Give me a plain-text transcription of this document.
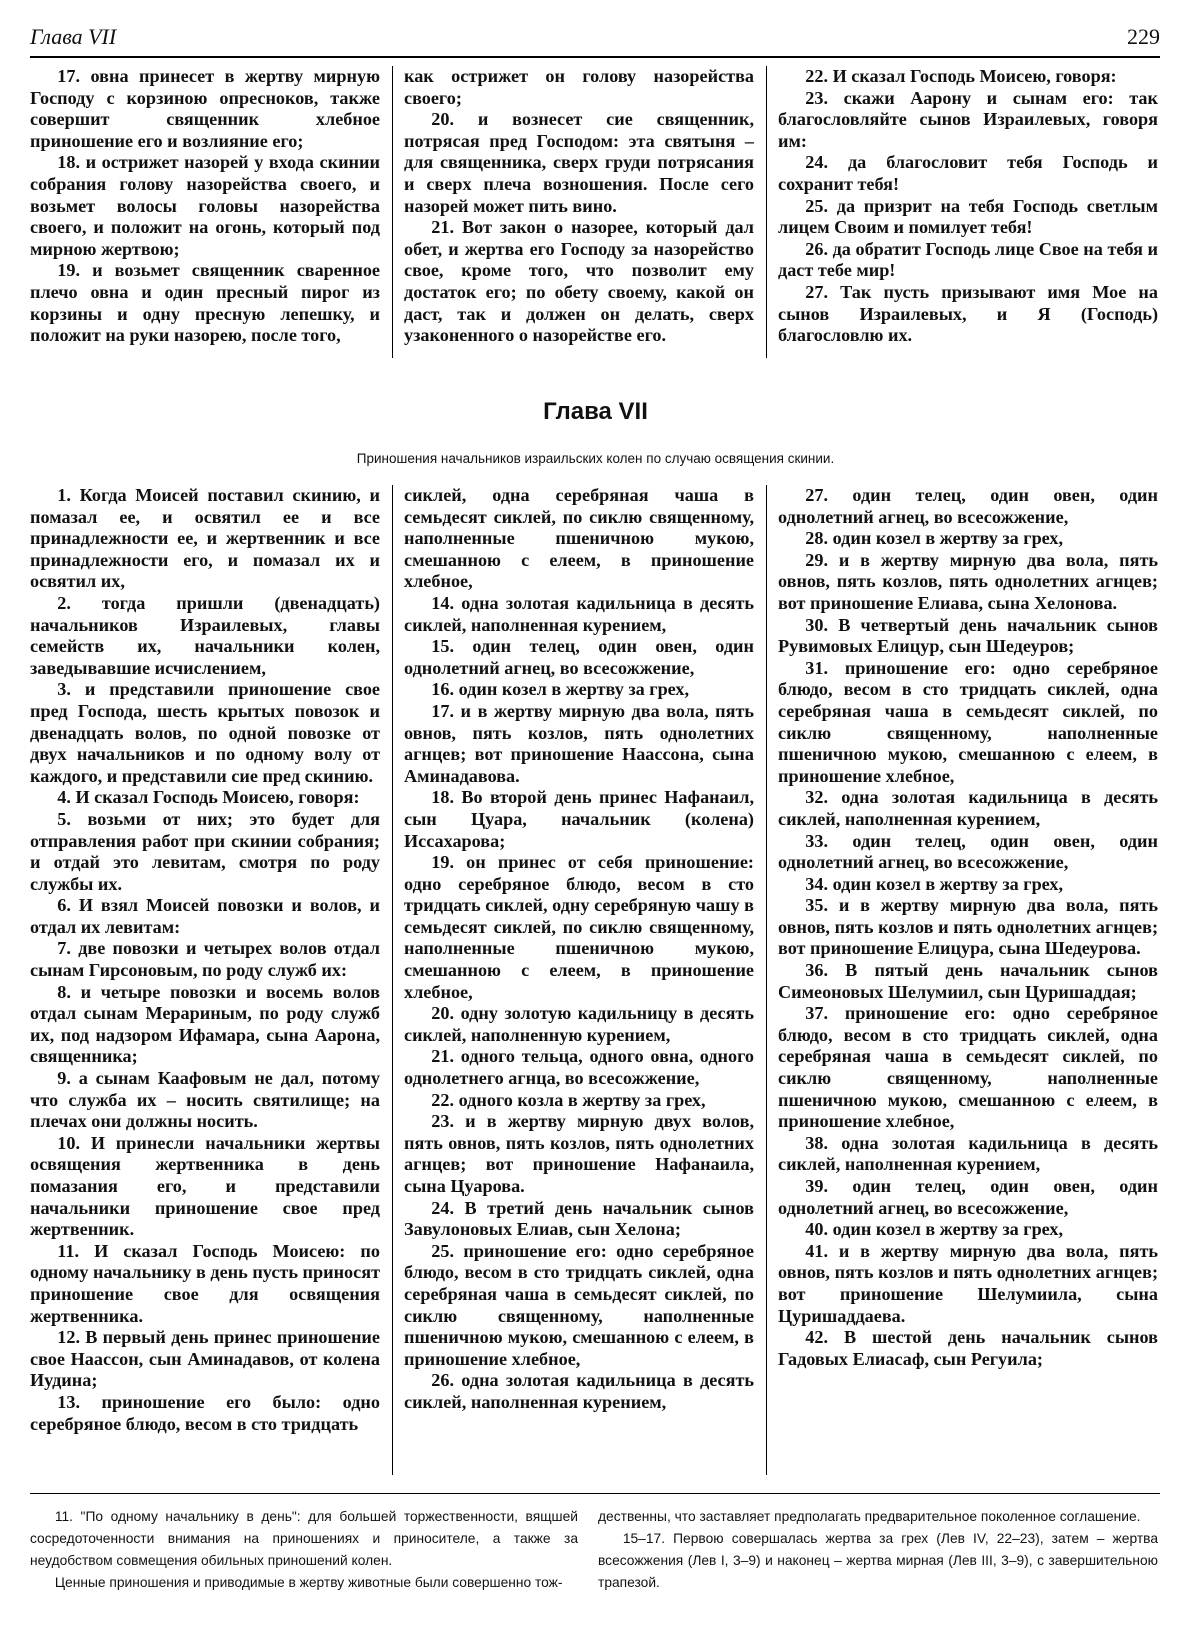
Глава VII	229

17. овна принесет в жертву мирную Господу с корзиною опресноков, также совершит священник хлебное приношение его и возлияние его;

18. и острижет назорей у входа скинии собрания голову назорейства своего, и возьмет волосы головы назорейства своего, и положит на огонь, который под мирною жертвою;

19. и возьмет священник сваренное плечо овна и один пресный пирог из корзины и одну пресную лепешку, и положит на руки назорею, после того,

как острижет он голову назорейства своего;

20. и вознесет сие священник, потрясая пред Господом: эта святыня – для священника, сверх груди потрясания и сверх плеча возношения. После сего назорей может пить вино.

21. Вот закон о назорее, который дал обет, и жертва его Господу за назорейство свое, кроме того, что позволит ему достаток его; по обету своему, какой он даст, так и должен он делать, сверх узаконенного о назорействе его.

22. И сказал Господь Моисею, говоря:

23. скажи Аарону и сынам его: так благословляйте сынов Израилевых, говоря им:

24. да благословит тебя Господь и сохранит тебя!

25. да призрит на тебя Господь светлым лицем Своим и помилует тебя!

26. да обратит Господь лице Свое на тебя и даст тебе мир!

27. Так пусть призывают имя Мое на сынов Израилевых, и Я (Господь) благословлю их.

Глава VII
Приношения начальников израильских колен по случаю освящения скинии.

1. Когда Моисей поставил скинию, и помазал ее, и освятил ее и все принадлежности ее, и жертвенник и все принадлежности его, и помазал их и освятил их,

2. тогда пришли (двенадцать) начальников Израилевых, главы семейств их, начальники колен, заведывавшие исчислением,

3. и представили приношение свое пред Господа, шесть крытых повозок и двенадцать волов, по одной повозке от двух начальников и по одному волу от каждого, и представили сие пред скинию.

4. И сказал Господь Моисею, говоря:

5. возьми от них; это будет для отправления работ при скинии собрания; и отдай это левитам, смотря по роду службы их.

6. И взял Моисей повозки и волов, и отдал их левитам:

7. две повозки и четырех волов отдал сынам Гирсоновым, по роду служб их:

8. и четыре повозки и восемь волов отдал сынам Мерариным, по роду служб их, под надзором Ифамара, сына Аарона, священника;

9. а сынам Каафовым не дал, потому что служба их – носить святилище; на плечах они должны носить.

10. И принесли начальники жертвы освящения жертвенника в день помазания его, и представили начальники приношение свое пред жертвенник.

11. И сказал Господь Моисею: по одному начальнику в день пусть приносят приношение свое для освящения жертвенника.

12. В первый день принес приношение свое Наассон, сын Аминадавов, от колена Иудина;

13. приношение его было: одно серебряное блюдо, весом в сто тридцать

сиклей, одна серебряная чаша в семьдесят сиклей, по сиклю священному, наполненные пшеничною мукою, смешанною с елеем, в приношение хлебное,

14. одна золотая кадильница в десять сиклей, наполненная курением,

15. один телец, один овен, один однолетний агнец, во всесожжение,

16. один козел в жертву за грех,

17. и в жертву мирную два вола, пять овнов, пять козлов, пять однолетних агнцев; вот приношение Наассона, сына Аминадавова.

18. Во второй день принес Нафанаил, сын Цуара, начальник (колена) Иссахарова;

19. он принес от себя приношение: одно серебряное блюдо, весом в сто тридцать сиклей, одну серебряную чашу в семьдесят сиклей, по сиклю священному, наполненные пшеничною мукою, смешанною с елеем, в приношение хлебное,

20. одну золотую кадильницу в десять сиклей, наполненную курением,

21. одного тельца, одного овна, одного однолетнего агнца, во всесожжение,

22. одного козла в жертву за грех,

23. и в жертву мирную двух волов, пять овнов, пять козлов, пять однолетних агнцев; вот приношение Нафанаила, сына Цуарова.

24. В третий день начальник сынов Завулоновых Елиав, сын Хелона;

25. приношение его: одно серебряное блюдо, весом в сто тридцать сиклей, одна серебряная чаша в семьдесят сиклей, по сиклю священному, наполненные пшеничною мукою, смешанною с елеем, в приношение хлебное,

26. одна золотая кадильница в десять сиклей, наполненная курением,

27. один телец, один овен, один однолетний агнец, во всесожжение,

28. один козел в жертву за грех,

29. и в жертву мирную два вола, пять овнов, пять козлов, пять однолетних агнцев; вот приношение Елиава, сына Хелонова.

30. В четвертый день начальник сынов Рувимовых Елицур, сын Шедеуров;

31. приношение его: одно серебряное блюдо, весом в сто тридцать сиклей, одна серебряная чаша в семьдесят сиклей, по сиклю священному, наполненные пшеничною мукою, смешанною с елеем, в приношение хлебное,

32. одна золотая кадильница в десять сиклей, наполненная курением,

33. один телец, один овен, один однолетний агнец, во всесожжение,

34. один козел в жертву за грех,

35. и в жертву мирную два вола, пять овнов, пять козлов и пять однолетних агнцев; вот приношение Елицура, сына Шедеурова.

36. В пятый день начальник сынов Симеоновых Шелумиил, сын Цуришаддая;

37. приношение его: одно серебряное блюдо, весом в сто тридцать сиклей, одна серебряная чаша в семьдесят сиклей, по сиклю священному, наполненные пшеничною мукою, смешанною с елеем, в приношение хлебное,

38. одна золотая кадильница в десять сиклей, наполненная курением,

39. один телец, один овен, один однолетний агнец, во всесожжение,

40. один козел в жертву за грех,

41. и в жертву мирную два вола, пять овнов, пять козлов и пять однолетних агнцев; вот приношение Шелумиила, сына Цуришаддаева.

42. В шестой день начальник сынов Гадовых Елиасаф, сын Регуила;

11. "По одному начальнику в день": для большей торжественности, вящшей сосредоточенности внимания на приношениях и приносителе, а также за неудобством совмещения обильных приношений колен.

Ценные приношения и приводимые в жертву животные были совершенно тож-

дественны, что заставляет предполагать предварительное поколенное соглашение.

15–17. Первою совершалась жертва за грех (Лев IV, 22–23), затем – жертва всесожжения (Лев I, 3–9) и наконец – жертва мирная (Лев III, 3–9), с завершительною трапезой.
